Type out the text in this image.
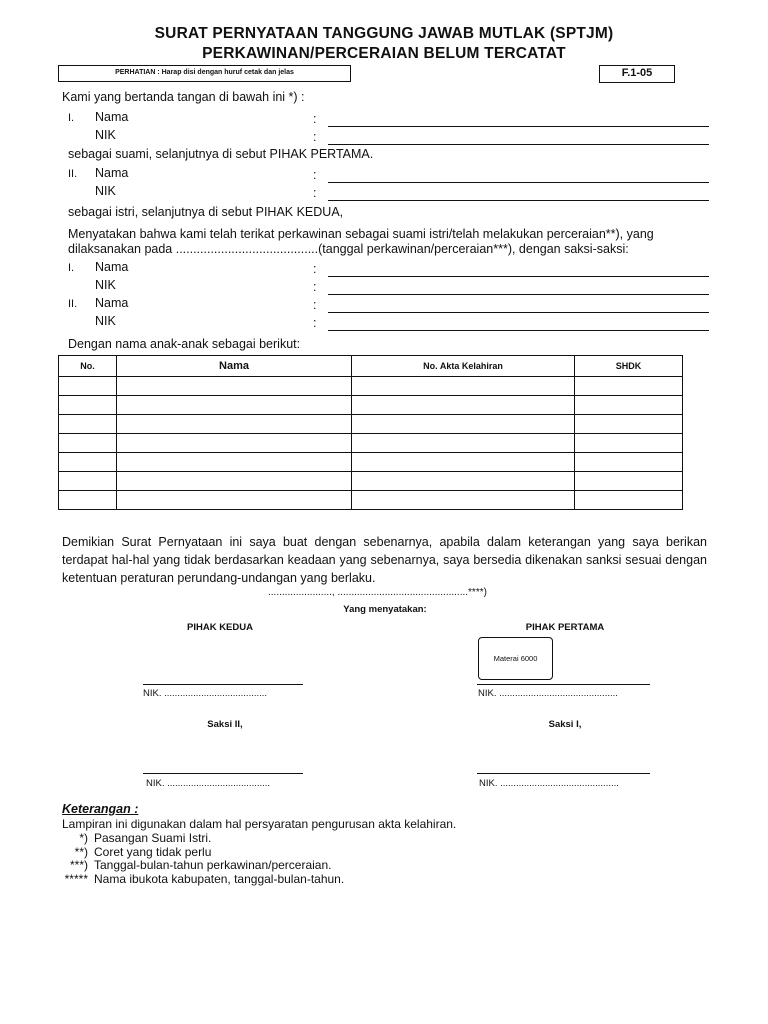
SURAT PERNYATAAN TANGGUNG JAWAB MUTLAK (SPTJM)
PERKAWINAN/PERCERAIAN BELUM TERCATAT
PERHATIAN : Harap disi dengan huruf cetak dan jelas	F.1-05
Kami yang bertanda tangan di bawah ini *) :
I. Nama	:
NIK	:
sebagai suami, selanjutnya di sebut PIHAK PERTAMA.
II. Nama	:
NIK	:
sebagai istri, selanjutnya di sebut PIHAK KEDUA,
Menyatakan bahwa kami telah terikat perkawinan sebagai suami istri/telah melakukan perceraian**), yang
dilaksanakan pada .........................................(tanggal perkawinan/perceraian***), dengan saksi-saksi:
I. Nama	:
NIK	:
II. Nama	:
NIK	:
Dengan nama anak-anak sebagai berikut:
No.	Nama	No. Akta Kelahiran	SHDK

Demikian Surat Pernyataan ini saya buat dengan sebenarnya, apabila dalam keterangan yang saya berikan terdapat hal-hal yang tidak berdasarkan keadaan yang sebenarnya, saya bersedia dikenakan sanksi sesuai dengan ketentuan peraturan perundang-undangan yang berlaku.
......................., ...............................................****)
Yang menyatakan:
PIHAK KEDUA	PIHAK PERTAMA
Materai 6000
NIK. .......................................	NIK. .............................................
Saksi II,	Saksi I,
NIK. .......................................	NIK. .............................................
Keterangan :
Lampiran ini digunakan dalam hal persyaratan pengurusan akta kelahiran.
*) Pasangan Suami Istri.
**) Coret yang tidak perlu
***) Tanggal-bulan-tahun perkawinan/perceraian.
***** Nama ibukota kabupaten, tanggal-bulan-tahun.
